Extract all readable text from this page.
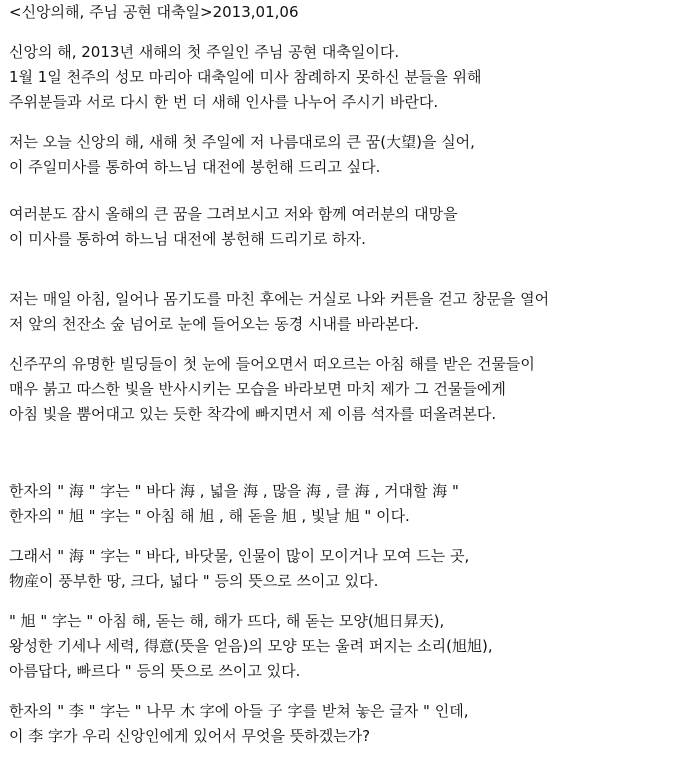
<신앙의해, 주님 공현 대축일>2013,01,06
신앙의 해, 2013년 새해의 첫 주일인 주님 공현 대축일이다.
1월 1일 천주의 성모 마리아 대축일에 미사 참례하지 못하신 분들을 위해
주위분들과 서로 다시 한 번 더 새해 인사를 나누어 주시기 바란다.
저는 오늘 신앙의 해, 새해 첫 주일에 저 나름대로의 큰 꿈(大望)을 실어,
이 주일미사를 통하여 하느님 대전에 봉헌해 드리고 싶다.
여러분도 잠시 올해의 큰 꿈을 그려보시고 저와 함께 여러분의 대망을
이 미사를 통하여 하느님 대전에 봉헌해 드리기로 하자.
저는 매일 아침, 일어나 몸기도를 마친 후에는 거실로 나와 커튼을 걷고 창문을 열어
저 앞의 천잔소 숲 넘어로 눈에 들어오는 동경 시내를 바라본다.
신주꾸의 유명한 빌딩들이 첫 눈에 들어오면서 떠오르는 아침 해를 받은 건물들이
매우 붉고 따스한 빛을 반사시키는 모습을 바라보면 마치 제가 그 건물들에게
아침 빛을 뿜어대고 있는 듯한 착각에 빠지면서 제 이름 석자를 떠올려본다.
한자의 " 海 " 字는 " 바다 海 , 넓을 海 , 많을 海 , 클 海 , 거대할 海 "
한자의 " 旭 " 字는 " 아침 해 旭 , 해 돋을 旭 , 빛날 旭 " 이다.
그래서 " 海 " 字는 " 바다, 바닷물, 인물이 많이 모이거나 모여 드는 곳,
物産이 풍부한 땅, 크다, 넓다 " 등의 뜻으로 쓰이고 있다.
" 旭 " 字는 " 아침 해, 돋는 해, 해가 뜨다, 해 돋는 모양(旭日昇天),
왕성한 기세나 세력, 得意(뜻을 얻음)의 모양 또는 울려 퍼지는 소리(旭旭),
아름답다, 빠르다 " 등의 뜻으로 쓰이고 있다.
한자의 " 李 " 字는 " 나무 木 字에 아들 子 字를 받쳐 놓은 글자 " 인데,
이 李 字가 우리 신앙인에게 있어서 무엇을 뜻하겠는가?
